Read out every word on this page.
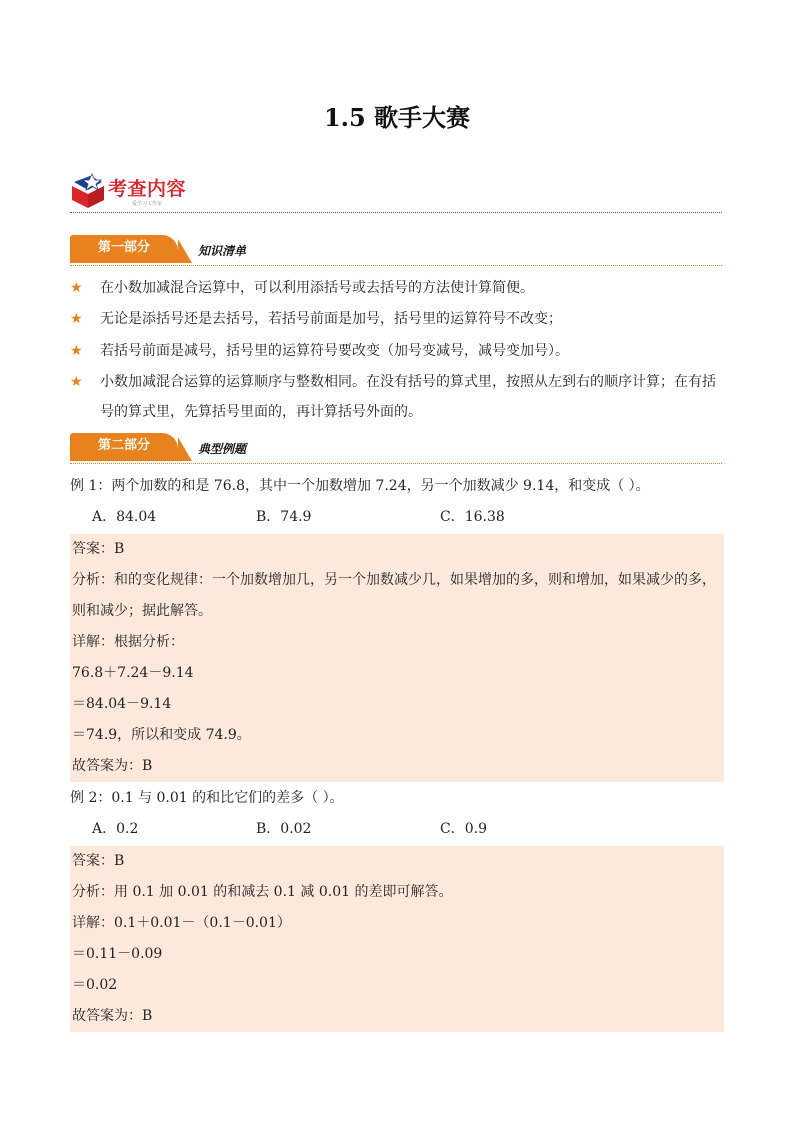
1.5 歌手大赛
考查内容
爱学习工作室
第一部分	知识清单
★ 在小数加减混合运算中，可以利用添括号或去括号的方法使计算简便。
★ 无论是添括号还是去括号，若括号前面是加号，括号里的运算符号不改变；
★ 若括号前面是减号，括号里的运算符号要改变（加号变减号，减号变加号）。
★ 小数加减混合运算的运算顺序与整数相同。在没有括号的算式里，按照从左到右的顺序计算；在有括号的算式里，先算括号里面的，再计算括号外面的。
第二部分	典型例题
例 1：两个加数的和是 76.8，其中一个加数增加 7.24，另一个加数减少 9.14，和变成（ ）。
A．84.04	B．74.9	C．16.38
答案：B
分析：和的变化规律：一个加数增加几，另一个加数减少几，如果增加的多，则和增加，如果减少的多，则和减少；据此解答。
详解：根据分析：
76.8＋7.24－9.14
＝84.04－9.14
＝74.9，所以和变成 74.9。
故答案为：B
例 2：0.1 与 0.01 的和比它们的差多（ ）。
A．0.2	B．0.02	C．0.9
答案：B
分析：用 0.1 加 0.01 的和减去 0.1 减 0.01 的差即可解答。
详解：0.1＋0.01－（0.1－0.01）
＝0.11－0.09
＝0.02
故答案为：B
